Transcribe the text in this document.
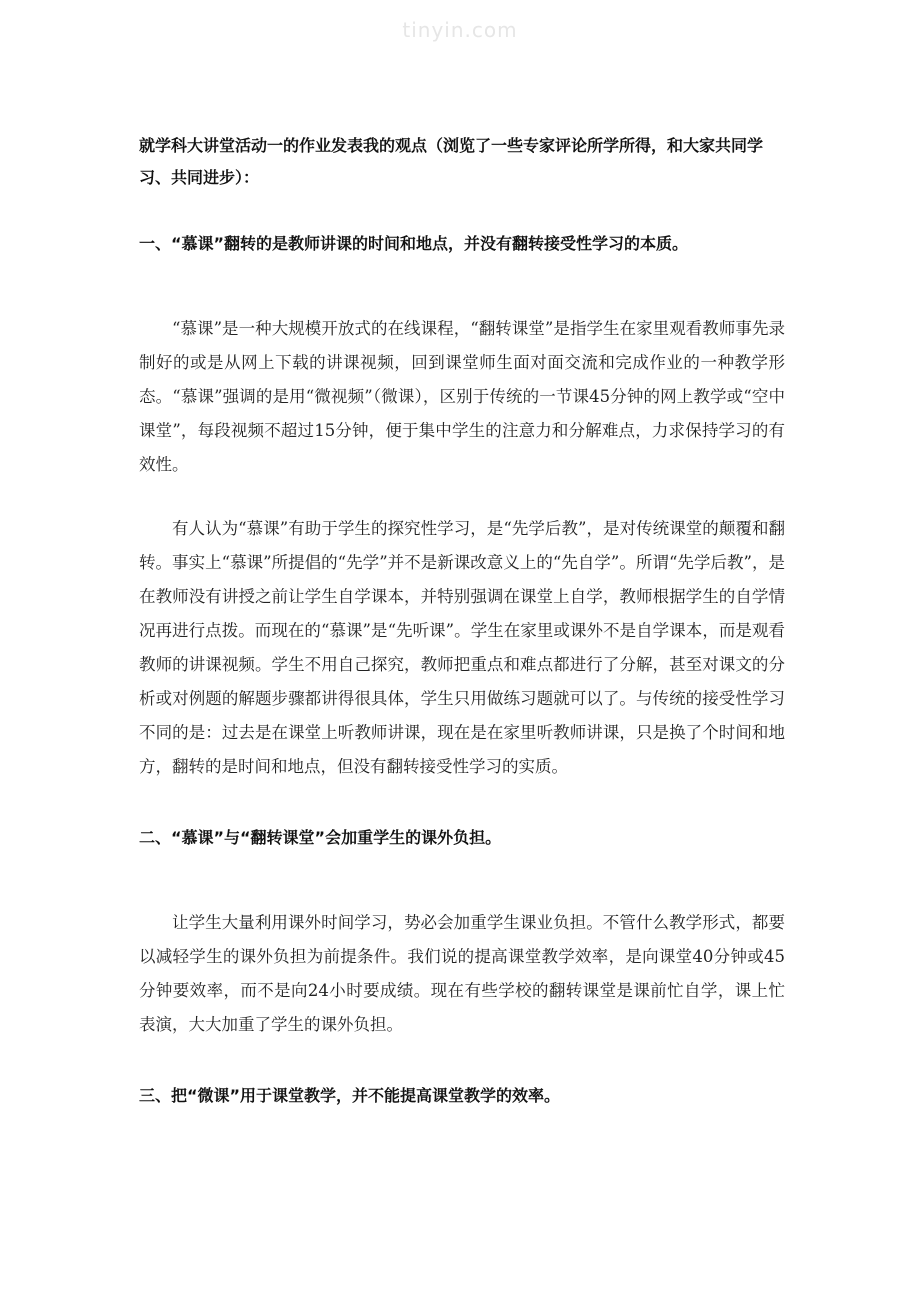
tinyin.com

就学科大讲堂活动一的作业发表我的观点（浏览了一些专家评论所学所得，和大家共同学习、共同进步）：

一、“慕课”翻转的是教师讲课的时间和地点，并没有翻转接受性学习的本质。

“慕课”是一种大规模开放式的在线课程，“翻转课堂”是指学生在家里观看教师事先录制好的或是从网上下载的讲课视频，回到课堂师生面对面交流和完成作业的一种教学形态。“慕课”强调的是用“微视频”（微课），区别于传统的一节课45分钟的网上教学或“空中课堂”，每段视频不超过15分钟，便于集中学生的注意力和分解难点，力求保持学习的有效性。

有人认为“慕课”有助于学生的探究性学习，是“先学后教”，是对传统课堂的颠覆和翻转。事实上“慕课”所提倡的“先学”并不是新课改意义上的“先自学”。所谓“先学后教”，是在教师没有讲授之前让学生自学课本，并特别强调在课堂上自学，教师根据学生的自学情况再进行点拨。而现在的“慕课”是“先听课”。学生在家里或课外不是自学课本，而是观看教师的讲课视频。学生不用自己探究，教师把重点和难点都进行了分解，甚至对课文的分析或对例题的解题步骤都讲得很具体，学生只用做练习题就可以了。与传统的接受性学习不同的是：过去是在课堂上听教师讲课，现在是在家里听教师讲课，只是换了个时间和地方，翻转的是时间和地点，但没有翻转接受性学习的实质。

二、“慕课”与“翻转课堂”会加重学生的课外负担。

让学生大量利用课外时间学习，势必会加重学生课业负担。不管什么教学形式，都要以减轻学生的课外负担为前提条件。我们说的提高课堂教学效率，是向课堂40分钟或45分钟要效率，而不是向24小时要成绩。现在有些学校的翻转课堂是课前忙自学，课上忙表演，大大加重了学生的课外负担。

三、把“微课”用于课堂教学，并不能提高课堂教学的效率。
